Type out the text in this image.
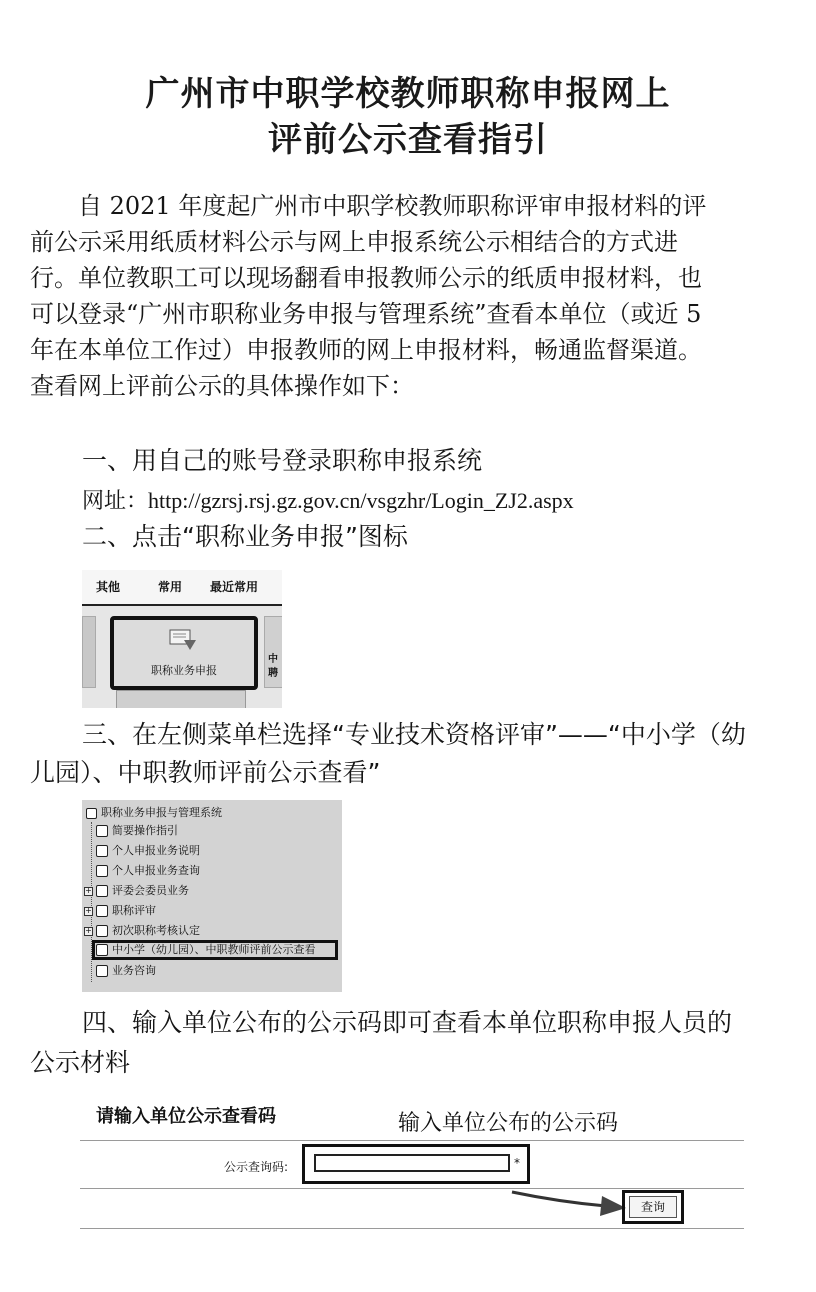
广州市中职学校教师职称申报网上
评前公示查看指引
　　自 2021 年度起广州市中职学校教师职称评审申报材料的评
前公示采用纸质材料公示与网上申报系统公示相结合的方式进
行。单位教职工可以现场翻看申报教师公示的纸质申报材料，也
可以登录“广州市职称业务申报与管理系统”查看本单位（或近 5
年在本单位工作过）申报教师的网上申报材料，畅通监督渠道。
查看网上评前公示的具体操作如下：
一、用自己的账号登录职称申报系统
网址：http://gzrsj.rsj.gz.gov.cn/vsgzhr/Login_ZJ2.aspx
二、点击“职称业务申报”图标
其他	常用 最近常用
职称业务申报
中
聘
三、在左侧菜单栏选择“专业技术资格评审”——“中小学（幼
儿园）、中职教师评前公示查看”
职称业务申报与管理系统
简要操作指引
个人申报业务说明
个人申报业务查询
+ 评委会委员业务
+ 职称评审
+ 初次职称考核认定
中小学（幼儿园）、中职教师评前公示查看
业务咨询
四、输入单位公布的公示码即可查看本单位职称申报人员的
公示材料
请输入单位公示查看码	输入单位公布的公示码
公示查询码:	*
查询
